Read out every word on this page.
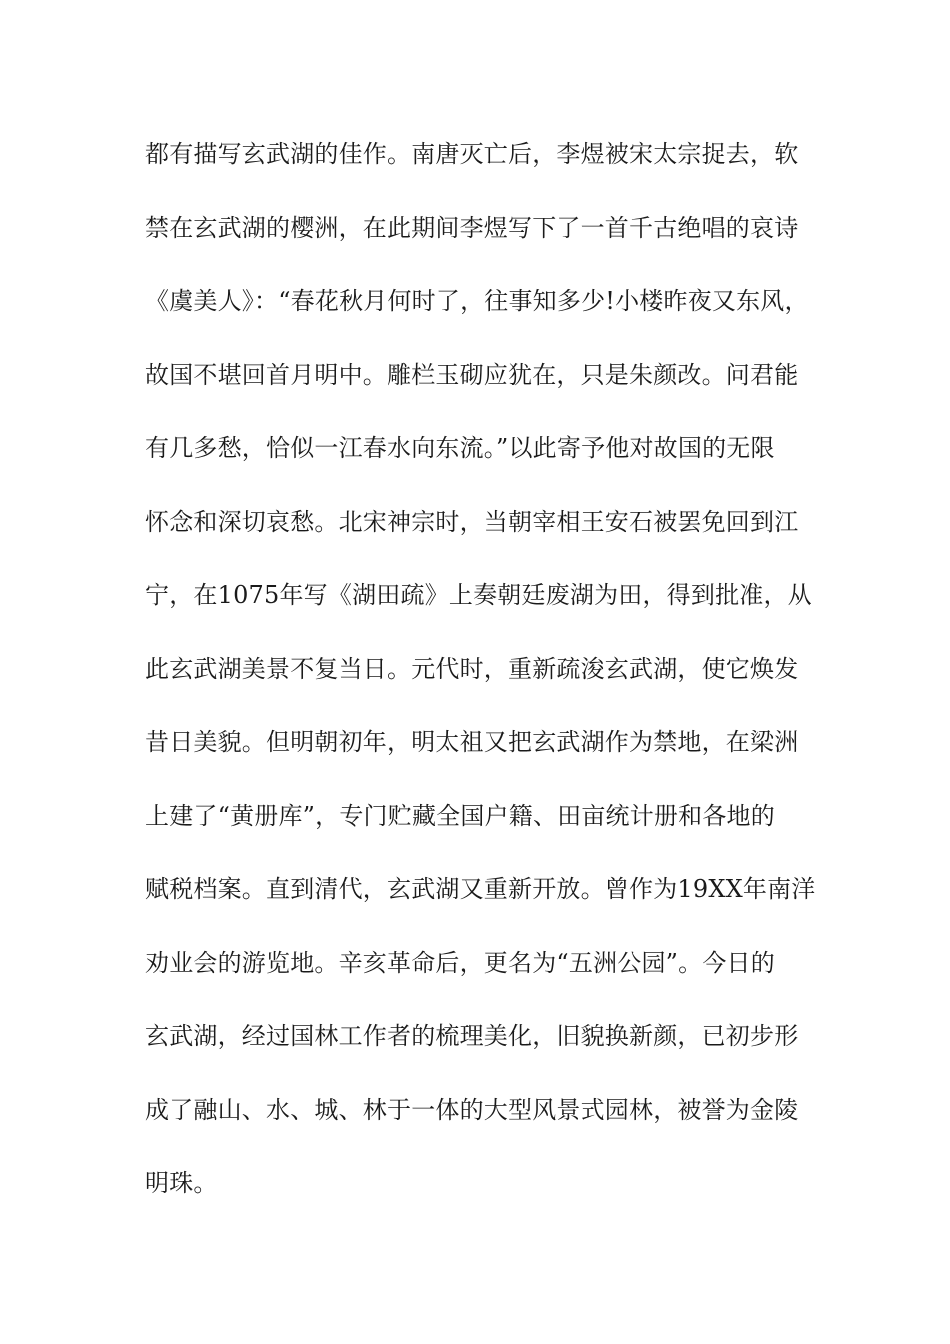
都有描写玄武湖的佳作。南唐灭亡后，李煜被宋太宗捉去，软
禁在玄武湖的樱洲，在此期间李煜写下了一首千古绝唱的哀诗
《虞美人》：“春花秋月何时了，往事知多少!小楼昨夜又东风，
故国不堪回首月明中。雕栏玉砌应犹在，只是朱颜改。问君能
有几多愁，恰似一江春水向东流。”以此寄予他对故国的无限
怀念和深切哀愁。北宋神宗时，当朝宰相王安石被罢免回到江
宁，在1075年写《湖田疏》上奏朝廷废湖为田，得到批准，从
此玄武湖美景不复当日。元代时，重新疏浚玄武湖，使它焕发
昔日美貌。但明朝初年，明太祖又把玄武湖作为禁地，在梁洲
上建了“黄册库”，专门贮藏全国户籍、田亩统计册和各地的
赋税档案。直到清代，玄武湖又重新开放。曾作为19XX年南洋
劝业会的游览地。辛亥革命后，更名为“五洲公园”。今日的
玄武湖，经过国林工作者的梳理美化，旧貌换新颜，已初步形
成了融山、水、城、林于一体的大型风景式园林，被誉为金陵
明珠。
